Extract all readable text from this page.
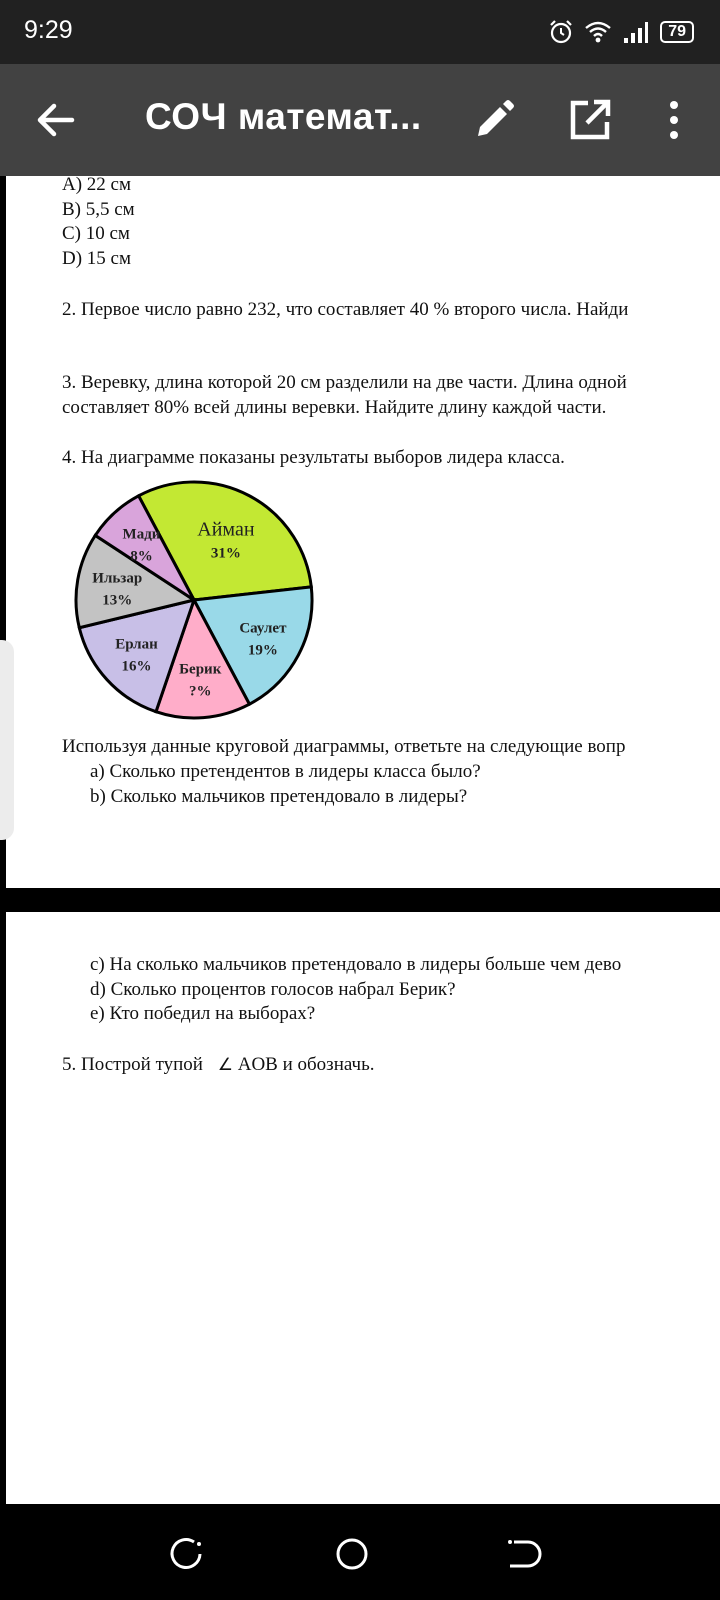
9:29	79
СОЧ математ...
A) 22 см
B) 5,5 см
C) 10 см
D) 15 см
2. Первое число равно 232, что составляет 40 % второго числа. Найди
3. Веревку, длина которой 20 см разделили на две части. Длина одной
составляет 80% всей длины веревки. Найдите длину каждой части.
4. На диаграмме показаны результаты выборов лидера класса.
Айман
31%
Саулет
19%
Берик
?%
Ерлан
16%
Ильзар
13%
Мади
8%
Используя данные круговой диаграммы, ответьте на следующие вопр
a) Сколько претендентов в лидеры класса было?
b) Сколько мальчиков претендовало в лидеры?
c) На сколько мальчиков претендовало в лидеры больше чем дево
d) Сколько процентов голосов набрал Берик?
e) Кто победил на выборах?
5. Построй тупой ∠ AOB и обозначь.
